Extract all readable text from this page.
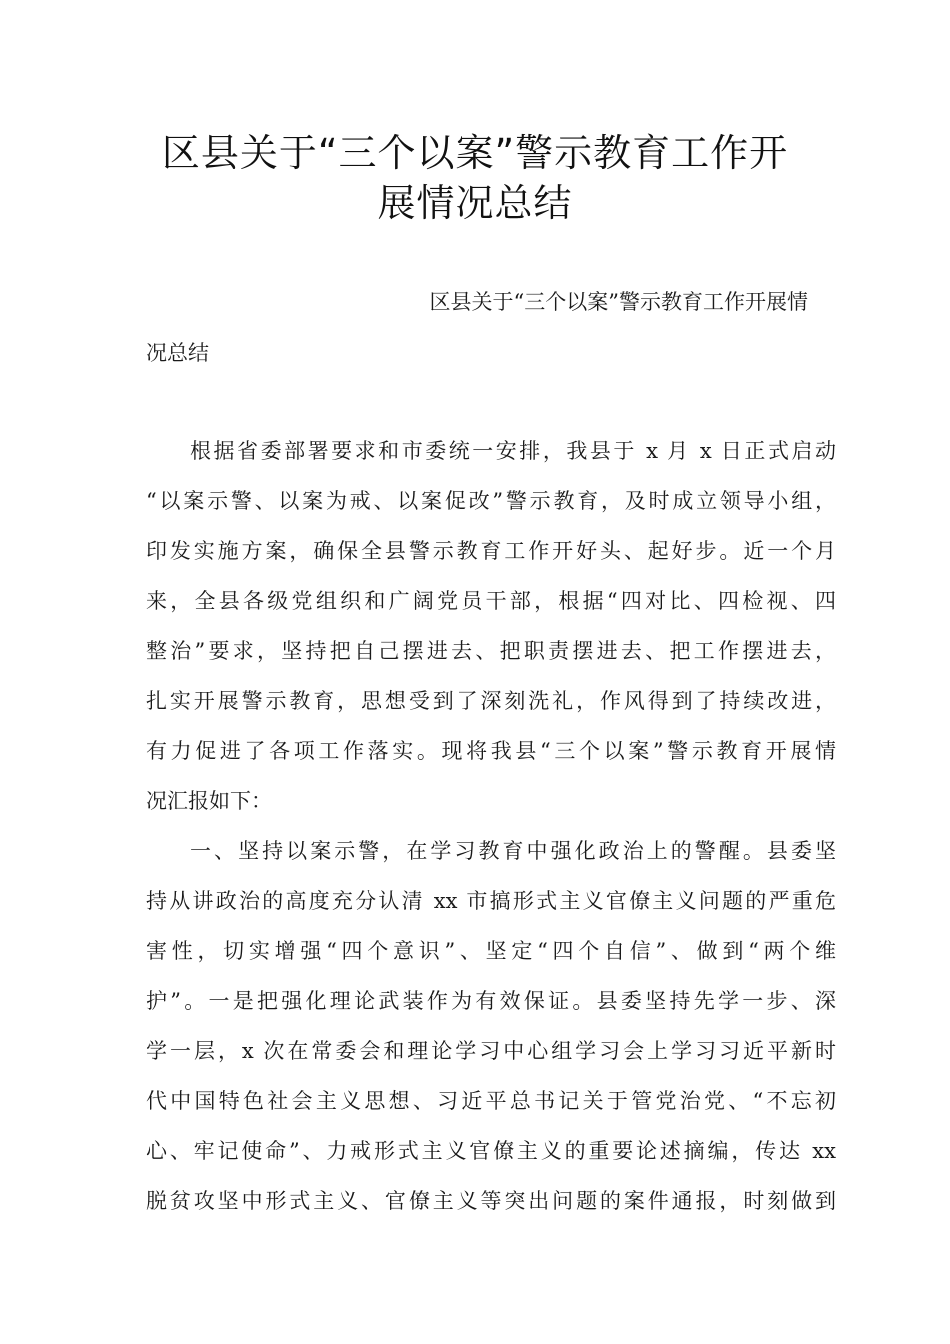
区县关于“三个以案”警示教育工作开
展情况总结
区县关于“三个以案”警示教育工作开展情
况总结
根据省委部署要求和市委统一安排，我县于 x 月 x 日正式启动
“以案示警、以案为戒、以案促改”警示教育，及时成立领导小组，
印发实施方案，确保全县警示教育工作开好头、起好步。近一个月
来，全县各级党组织和广阔党员干部，根据“四对比、四检视、四
整治”要求，坚持把自己摆进去、把职责摆进去、把工作摆进去，
扎实开展警示教育，思想受到了深刻洗礼，作风得到了持续改进，
有力促进了各项工作落实。现将我县“三个以案”警示教育开展情
况汇报如下：
一、坚持以案示警，在学习教育中强化政治上的警醒。县委坚
持从讲政治的高度充分认清 xx 市搞形式主义官僚主义问题的严重危
害性，切实增强“四个意识”、坚定“四个自信”、做到“两个维
护”。一是把强化理论武装作为有效保证。县委坚持先学一步、深
学一层，x 次在常委会和理论学习中心组学习会上学习习近平新时
代中国特色社会主义思想、习近平总书记关于管党治党、“不忘初
心、牢记使命”、力戒形式主义官僚主义的重要论述摘编，传达 xx
脱贫攻坚中形式主义、官僚主义等突出问题的案件通报，时刻做到
